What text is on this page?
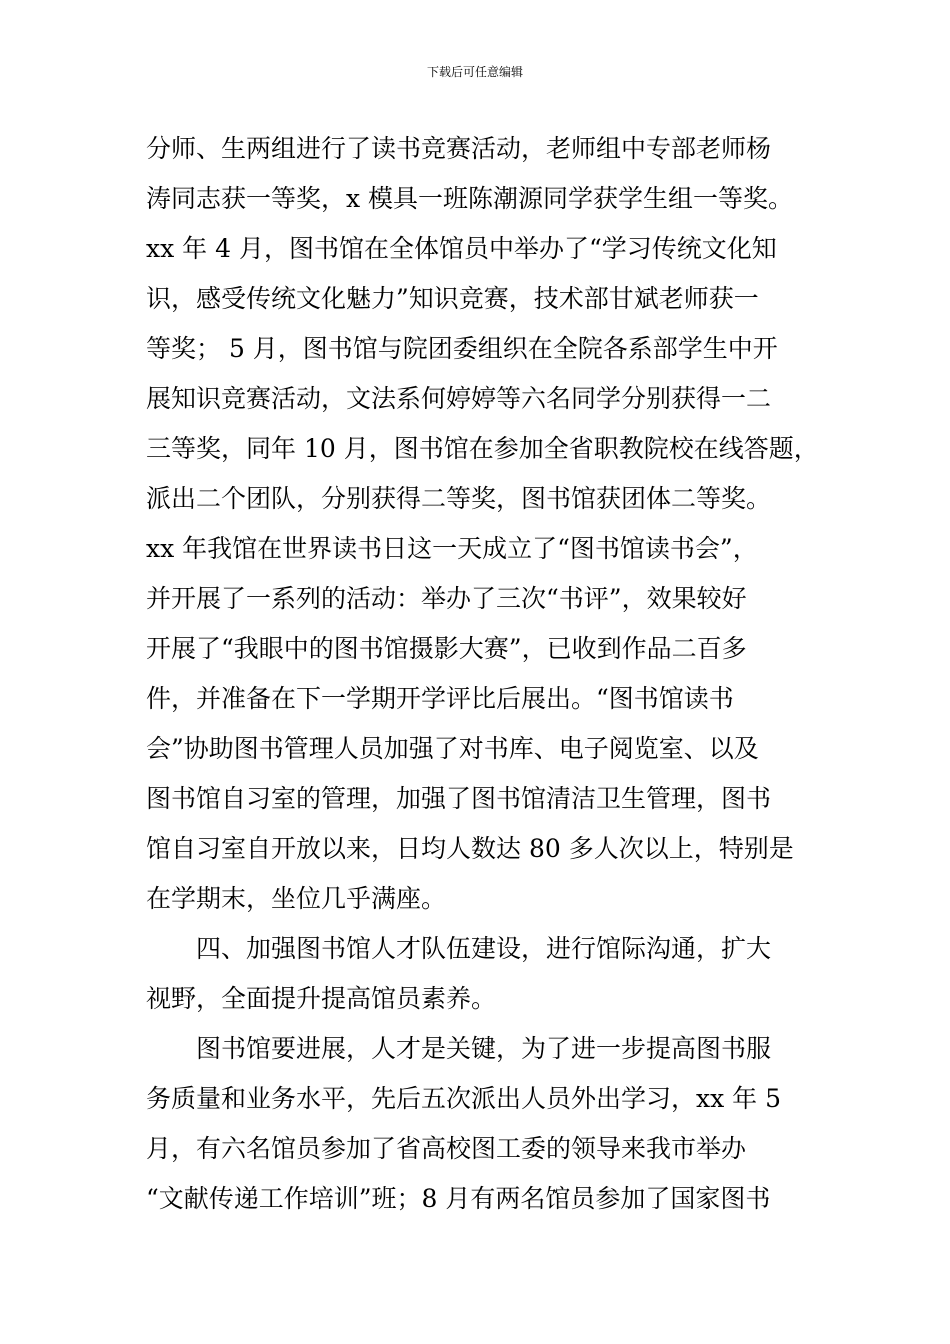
下载后可任意编辑
分师、生两组进行了读书竞赛活动，老师组中专部老师杨
涛同志获一等奖，x 模具一班陈潮源同学获学生组一等奖。
xx 年 4 月，图书馆在全体馆员中举办了“学习传统文化知
识，感受传统文化魅力”知识竞赛，技术部甘斌老师获一
等奖； 5 月，图书馆与院团委组织在全院各系部学生中开
展知识竞赛活动，文法系何婷婷等六名同学分别获得一二
三等奖，同年 10 月，图书馆在参加全省职教院校在线答题，
派出二个团队，分别获得二等奖，图书馆获团体二等奖。
xx 年我馆在世界读书日这一天成立了“图书馆读书会”，
并开展了一系列的活动：举办了三次“书评”，效果较好
开展了“我眼中的图书馆摄影大赛”，已收到作品二百多
件，并准备在下一学期开学评比后展出。“图书馆读书
会”协助图书管理人员加强了对书库、电子阅览室、以及
图书馆自习室的管理，加强了图书馆清洁卫生管理，图书
馆自习室自开放以来，日均人数达 80 多人次以上，特别是
在学期末，坐位几乎满座。
四、加强图书馆人才队伍建设，进行馆际沟通，扩大
视野，全面提升提高馆员素养。
图书馆要进展，人才是关键，为了进一步提高图书服
务质量和业务水平，先后五次派出人员外出学习，xx 年 5
月，有六名馆员参加了省高校图工委的领导来我市举办
“文献传递工作培训”班；8 月有两名馆员参加了国家图书
